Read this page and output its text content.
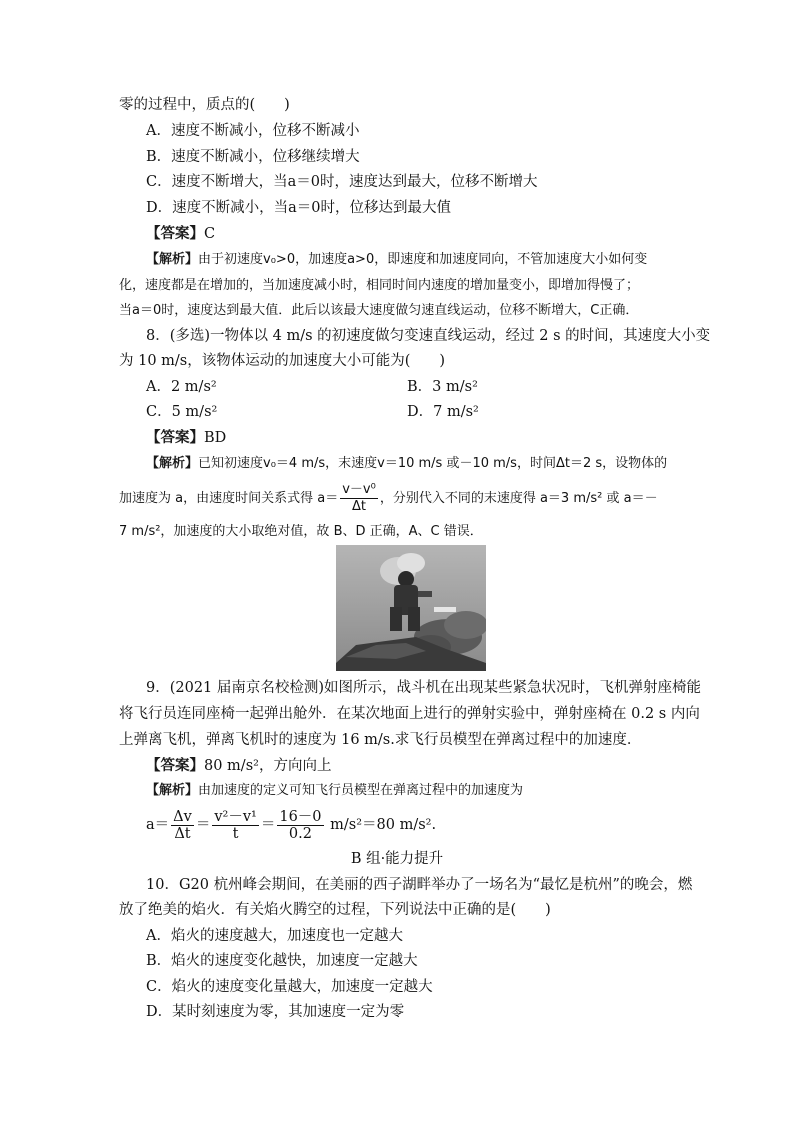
零的过程中，质点的(　　)
A．速度不断减小，位移不断减小
B．速度不断减小，位移继续增大
C．速度不断增大，当a＝0时，速度达到最大，位移不断增大
D．速度不断减小，当a＝0时，位移达到最大值
【答案】C
【解析】由于初速度v₀>0，加速度a>0，即速度和加速度同向，不管加速度大小如何变
化，速度都是在增加的，当加速度减小时，相同时间内速度的增加量变小，即增加得慢了；
当a＝0时，速度达到最大值．此后以该最大速度做匀速直线运动，位移不断增大，C正确．
8．(多选)一物体以 4 m/s 的初速度做匀变速直线运动，经过 2 s 的时间，其速度大小变
为 10 m/s，该物体运动的加速度大小可能为(　　)
A．2 m/s²	B．3 m/s²
C．5 m/s²	D．7 m/s²
【答案】BD
【解析】已知初速度v₀＝4 m/s，末速度v＝10 m/s 或－10 m/s，时间Δt＝2 s，设物体的
加速度为 a，由速度时间关系式得 $a= \frac{\text{v－v⁰}}{\Delta t}$ ，分别代入不同的末速度得 a＝3 m/s² 或 a＝－
7 m/s²，加速度的大小取绝对值，故 B、D 正确，A、C 错误．
9．(2021 届南京名校检测)如图所示，战斗机在出现某些紧急状况时，飞机弹射座椅能
将飞行员连同座椅一起弹出舱外．在某次地面上进行的弹射实验中，弹射座椅在 0.2 s 内向
上弹离飞机，弹离飞机时的速度为 16 m/s.求飞行员模型在弹离过程中的加速度．
【答案】80 m/s²，方向向上
【解析】由加速度的定义可知飞行员模型在弹离过程中的加速度为
$a= \frac{\Delta v}{\Delta t} = \frac{\text{v²－v¹}}{t} = \frac{16-0}{0.2} m/s^2=80$ m/s².
B 组·能力提升
10．G20 杭州峰会期间，在美丽的西子湖畔举办了一场名为“最忆是杭州”的晚会，燃
放了绝美的焰火．有关焰火腾空的过程，下列说法中正确的是(　　)
A．焰火的速度越大，加速度也一定越大
B．焰火的速度变化越快，加速度一定越大
C．焰火的速度变化量越大，加速度一定越大
D．某时刻速度为零，其加速度一定为零
